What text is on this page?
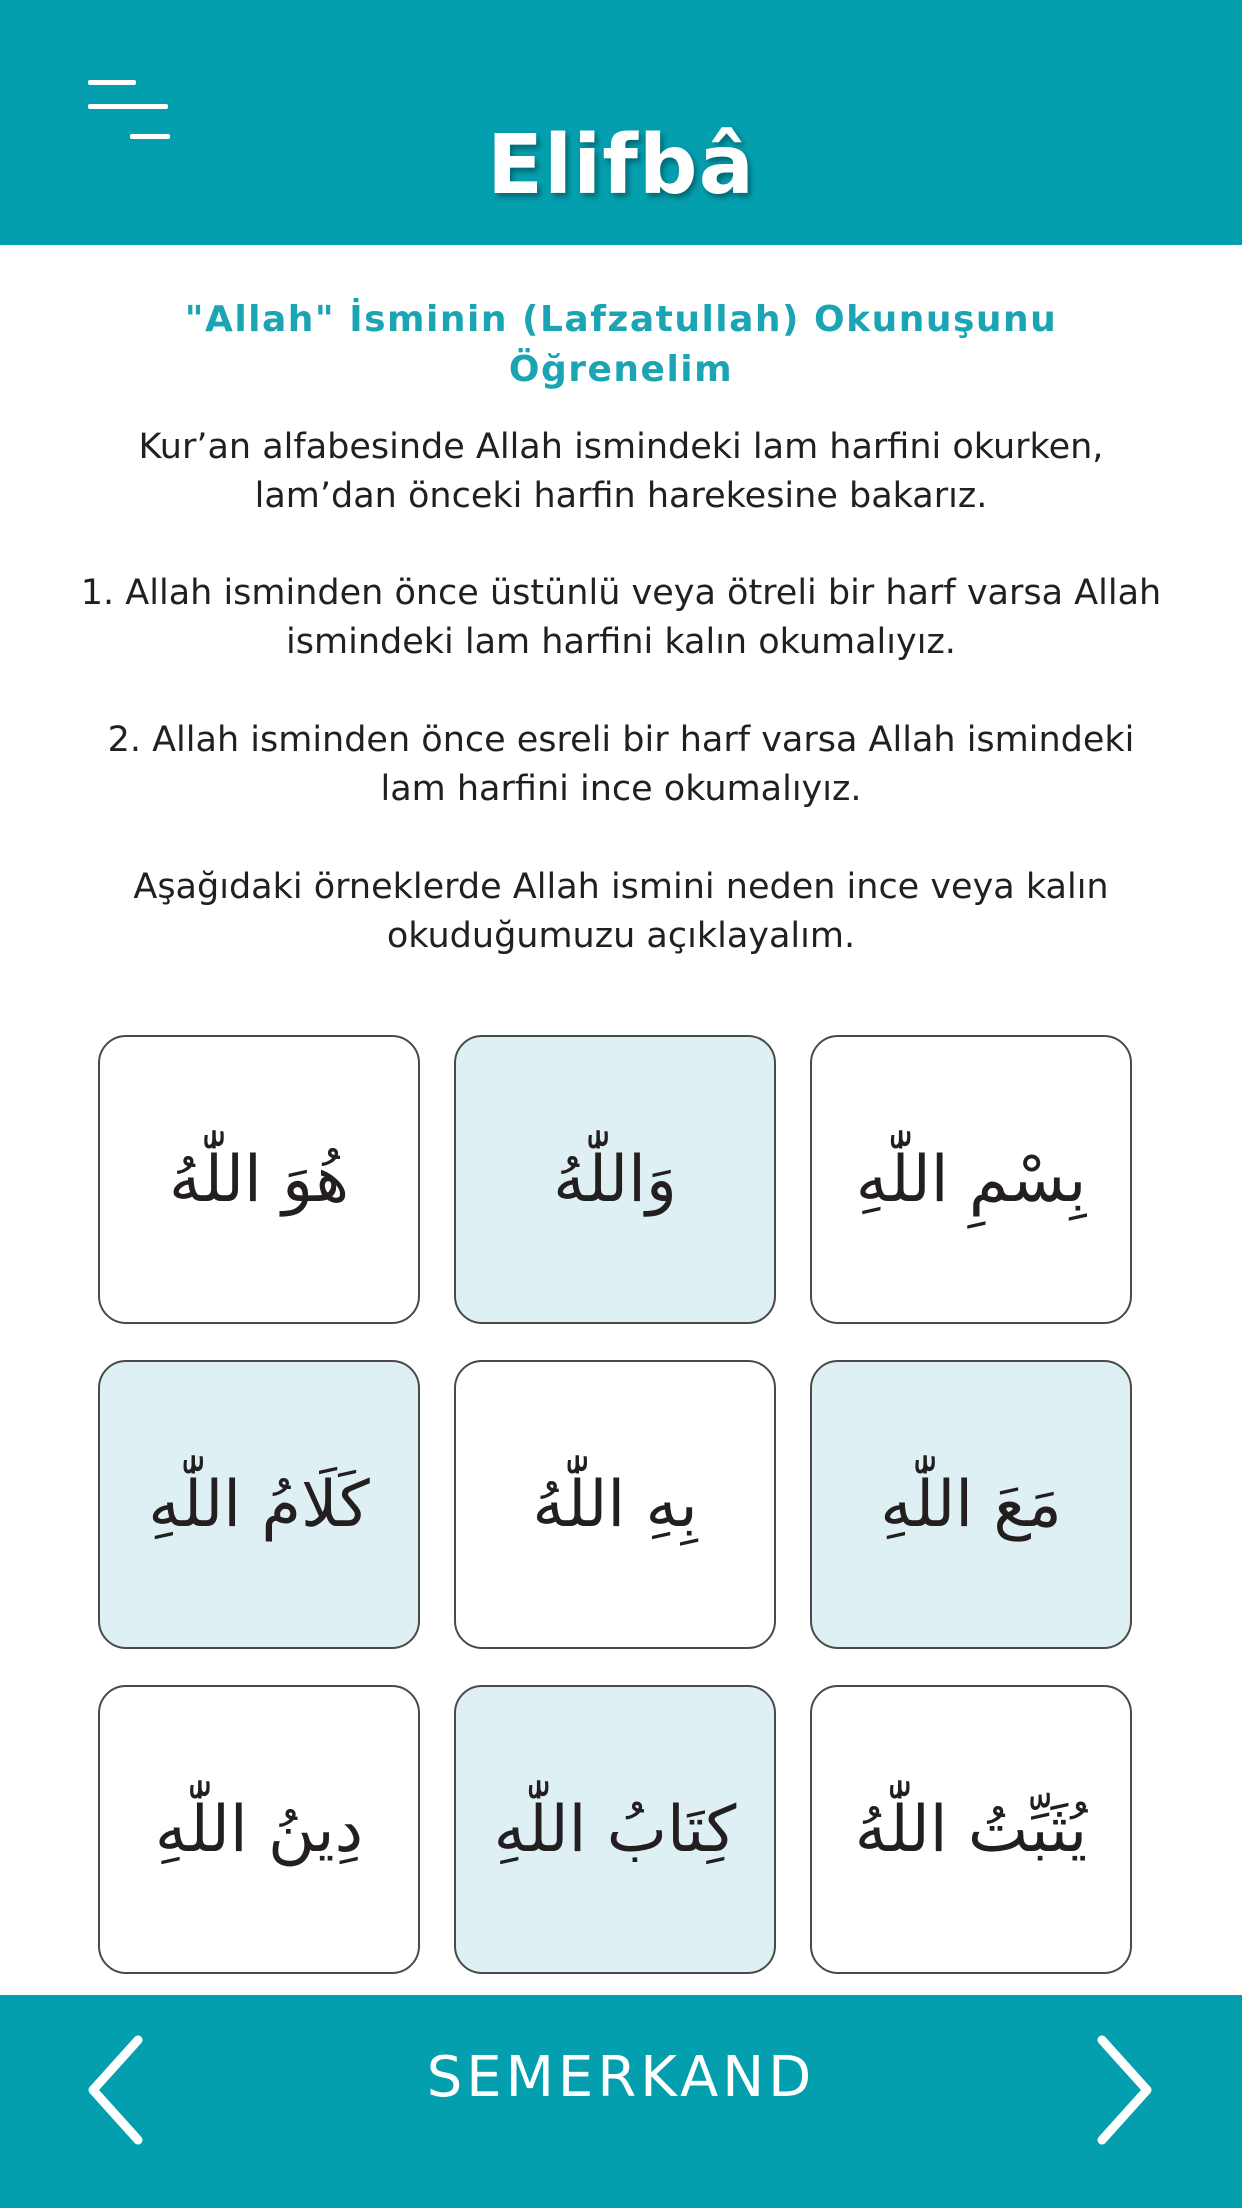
Elifbâ
"Allah" İsminin (Lafzatullah) Okunuşunu Öğrenelim
Kur’an alfabesinde Allah ismindeki lam harfini okurken, lam’dan önceki harfin harekesine bakarız.
1. Allah isminden önce üstünlü veya ötreli bir harf varsa Allah ismindeki lam harfini kalın okumalıyız.
2. Allah isminden önce esreli bir harf varsa Allah ismindeki lam harfini ince okumalıyız.
Aşağıdaki örneklerde Allah ismini neden ince veya kalın okuduğumuzu açıklayalım.
بِسْمِ اللّٰهِ
وَاللّٰهُ
هُوَ اللّٰهُ
مَعَ اللّٰهِ
بِهِ اللّٰهُ
كَلَامُ اللّٰهِ
يُثَبِّتُ اللّٰهُ
كِتَابُ اللّٰهِ
دِينُ اللّٰهِ
SEMERKAND
